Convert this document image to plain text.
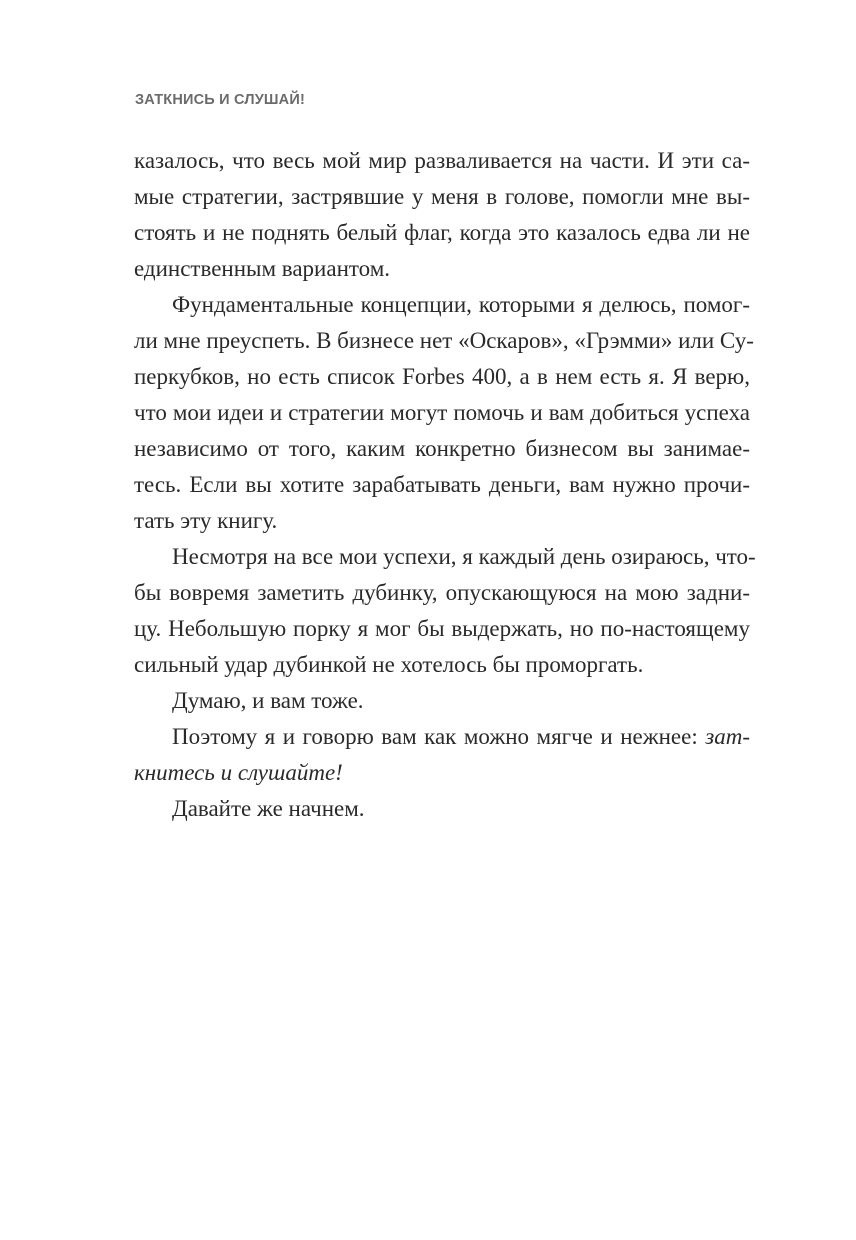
ЗАТКНИСЬ И СЛУШАЙ!
казалось, что весь мой мир разваливается на части. И эти са-
мые стратегии, застрявшие у меня в голове, помогли мне вы-
стоять и не поднять белый флаг, когда это казалось едва ли не
единственным вариантом.
Фундаментальные концепции, которыми я делюсь, помог-
ли мне преуспеть. В бизнесе нет «Оскаров», «Грэмми» или Су-
перкубков, но есть список Forbes 400, а в нем есть я. Я верю,
что мои идеи и стратегии могут помочь и вам добиться успеха
независимо от того, каким конкретно бизнесом вы занимае-
тесь. Если вы хотите зарабатывать деньги, вам нужно прочи-
тать эту книгу.
Несмотря на все мои успехи, я каждый день озираюсь, что-
бы вовремя заметить дубинку, опускающуюся на мою задни-
цу. Небольшую порку я мог бы выдержать, но по-настоящему
сильный удар дубинкой не хотелось бы проморгать.
Думаю, и вам тоже.
Поэтому я и говорю вам как можно мягче и нежнее: зат-
книтесь и слушайте!
Давайте же начнем.
